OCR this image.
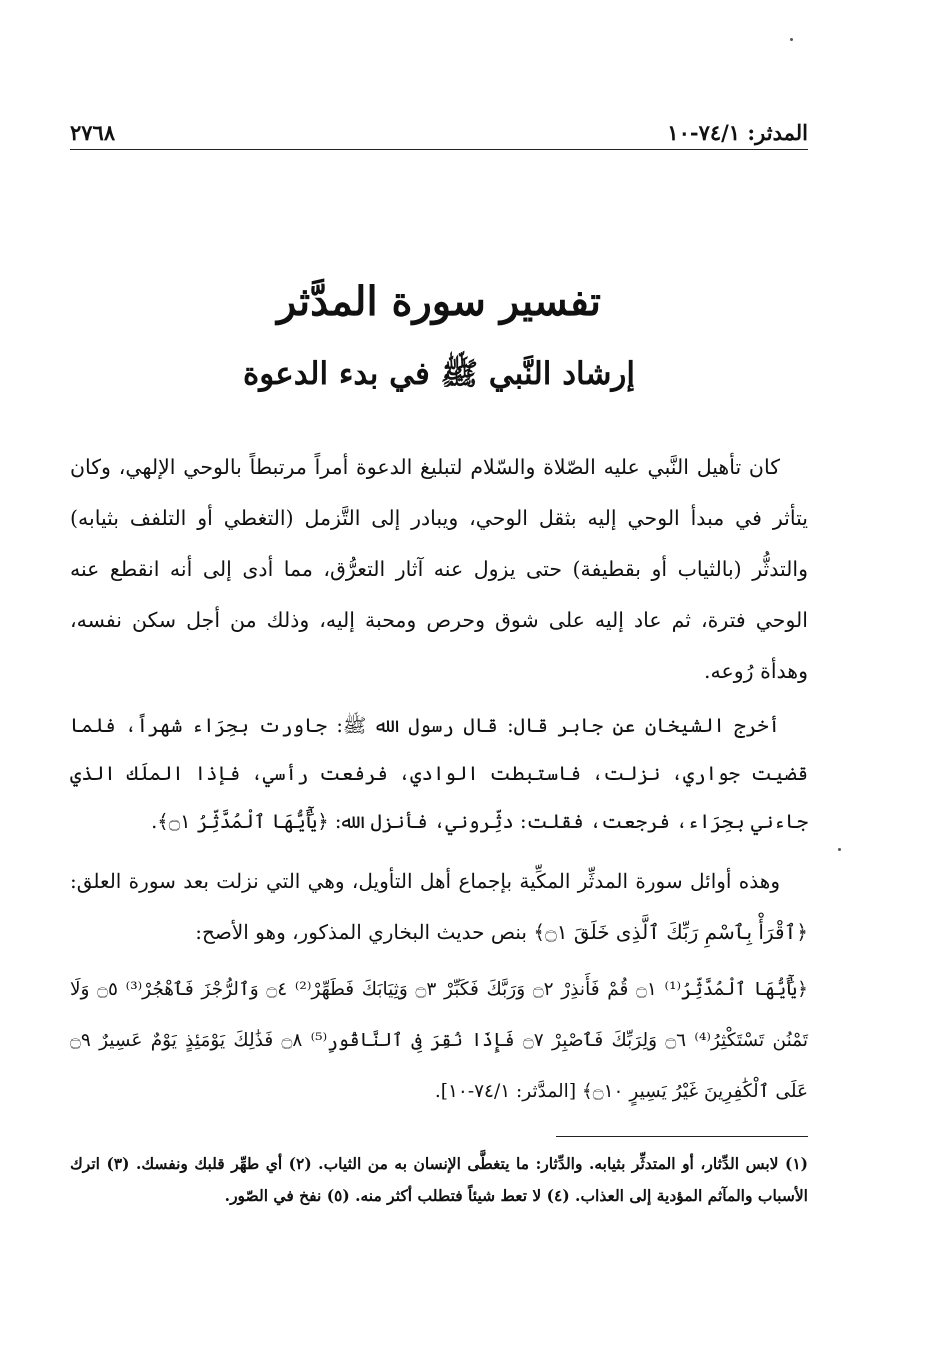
المدثر: ٧٤/١-١٠
٢٧٦٨
تفسير سورة المدَّثر
إرشاد النَّبي ﷺ في بدء الدعوة

كان تأهيل النَّبي عليه الصّلاة والسّلام لتبليغ الدعوة أمراً مرتبطاً بالوحي الإلهي، وكان يتأثر في مبدأ الوحي إليه بثقل الوحي، ويبادر إلى التَّزمل (التغطي أو التلفف بثيابه) والتدثُّر (بالثياب أو بقطيفة) حتى يزول عنه آثار التعرُّق، مما أدى إلى أنه انقطع عنه الوحي فترة، ثم عاد إليه على شوق وحرص ومحبة إليه، وذلك من أجل سكن نفسه، وهدأة رُوعه.

أخرج الشيخان عن جابر قال: قال رسول الله ﷺ: جاورت بحِرَاء شهراً، فلما قضيت جواري، نزلت، فاستبطت الوادي، فرفعت رأسي، فإذا الملَك الذي جاءني بحِرَاء، فرجعت، فقلت: دثِّروني، فأنزل الله: ﴿يَٰٓأَيُّهَا ٱلْمُدَّثِّرُ ۝١﴾.

وهذه أوائل سورة المدثِّر المكِّية بإجماع أهل التأويل، وهي التي نزلت بعد سورة العلق: ﴿ٱقْرَأْ بِٱسْمِ رَبِّكَ ٱلَّذِى خَلَقَ ۝١﴾ بنص حديث البخاري المذكور، وهو الأصح:

﴿يَٰٓأَيُّهَا ٱلْمُدَّثِّرُ⁽¹⁾ ۝١ قُمْ فَأَنذِرْ ۝٢ وَرَبَّكَ فَكَبِّرْ ۝٣ وَثِيَابَكَ فَطَهِّرْ⁽²⁾ ۝٤ وَٱلرُّجْزَ فَٱهْجُرْ⁽³⁾ ۝٥ وَلَا تَمْنُن تَسْتَكْثِرُ⁽⁴⁾ ۝٦ وَلِرَبِّكَ فَٱصْبِرْ ۝٧ فَإِذَا نُقِرَ فِى ٱلنَّاقُورِ⁽⁵⁾ ۝٨ فَذَٰلِكَ يَوْمَئِذٍ يَوْمٌ عَسِيرٌ ۝٩ عَلَى ٱلْكَٰفِرِينَ غَيْرُ يَسِيرٍ ۝١٠﴾ [المدَّثر: ٧٤/١-١٠].

(١) لابس الدِّثار، أو المتدثِّر بثيابه. والدِّثار: ما يتغطَّى الإنسان به من الثياب. (٢) أي طهِّر قلبك ونفسك. (٣) اترك الأسباب والمآثم المؤدية إلى العذاب. (٤) لا تعط شيئاً فتطلب أكثر منه. (٥) نفخ في الصّور.
